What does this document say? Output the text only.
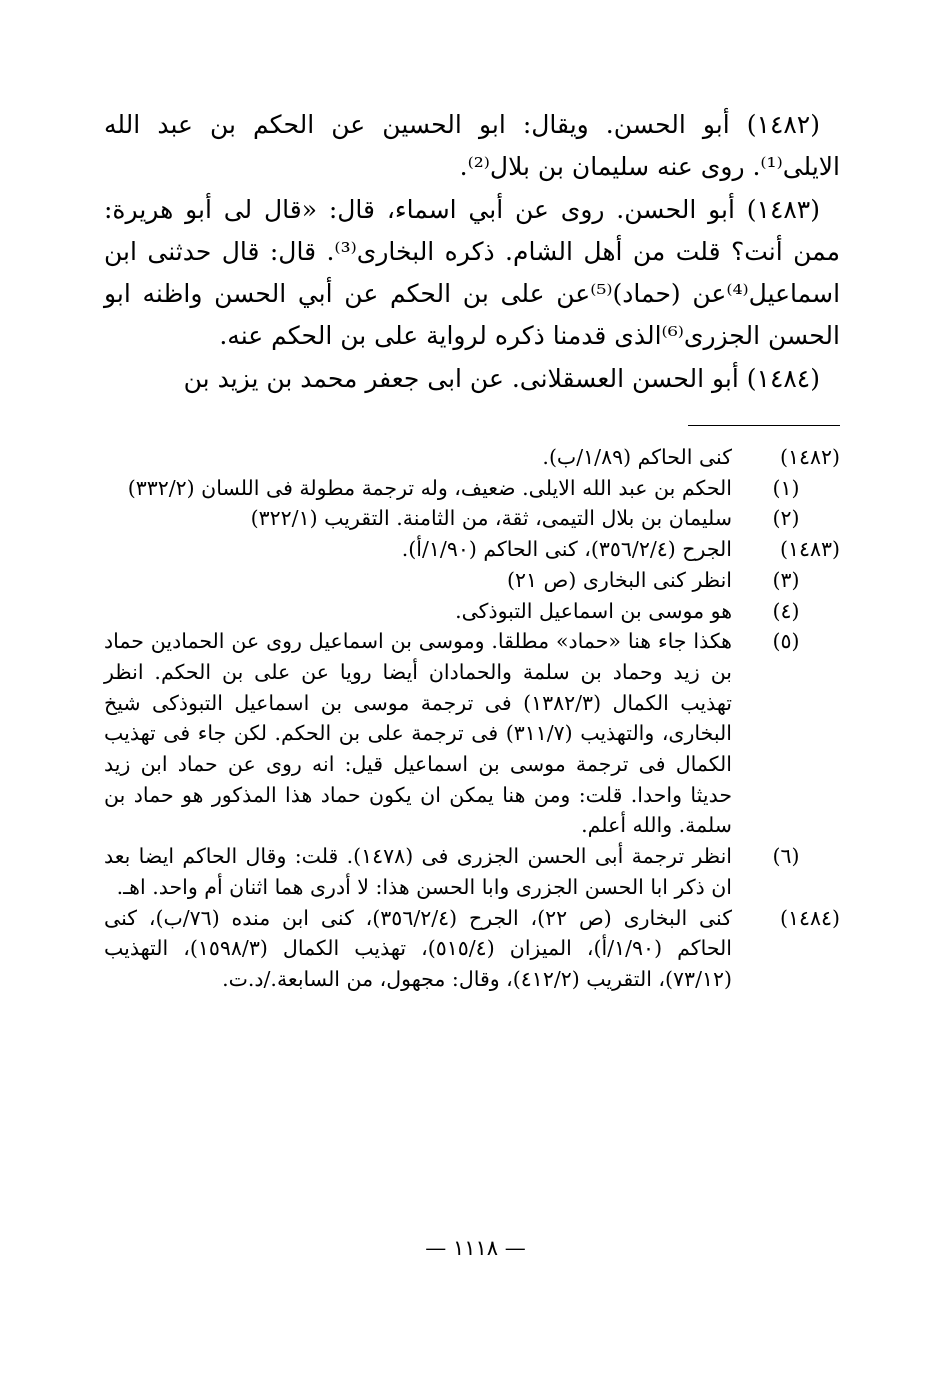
(١٤٨٢) أبو الحسن. ويقال: ابو الحسين عن الحكم بن عبد الله الايلى⁽¹⁾. روى عنه سليمان بن بلال⁽²⁾.

(١٤٨٣) أبو الحسن. روى عن أبي اسماء، قال: «قال لى أبو هريرة: ممن أنت؟ قلت من أهل الشام. ذكره البخارى⁽³⁾. قال: قال حدثنى ابن اسماعيل⁽⁴⁾عن (حماد)⁽⁵⁾عن على بن الحكم عن أبي الحسن واظنه ابو الحسن الجزرى⁽⁶⁾الذى قدمنا ذكره لرواية على بن الحكم عنه.

(١٤٨٤) أبو الحسن العسقلانى. عن ابى جعفر محمد بن يزيد بن

(١٤٨٢)
كنى الحاكم (١/٨٩/ب).
(١)
الحكم بن عبد الله الايلى. ضعيف، وله ترجمة مطولة فى اللسان (٣٣٢/٢)
(٢)
سليمان بن بلال التيمى، ثقة، من الثامنة. التقريب (٣٢٢/١)
(١٤٨٣)
الجرح (٣٥٦/٢/٤)، كنى الحاكم (١/٩٠/أ).
(٣)
انظر كنى البخارى (ص ٢١)
(٤)
هو موسى بن اسماعيل التبوذكى.
(٥)
هكذا جاء هنا «حماد» مطلقا. وموسى بن اسماعيل روى عن الحمادين حماد بن زيد وحماد بن سلمة والحمادان أيضا رويا عن على بن الحكم. انظر تهذيب الكمال (١٣٨٢/٣) فى ترجمة موسى بن اسماعيل التبوذكى شيخ البخارى، والتهذيب (٣١١/٧) فى ترجمة على بن الحكم. لكن جاء فى تهذيب الكمال فى ترجمة موسى بن اسماعيل قيل: انه روى عن حماد ابن زيد حديثا واحدا. قلت: ومن هنا يمكن ان يكون حماد هذا المذكور هو حماد بن سلمة. والله أعلم.
(٦)
انظر ترجمة أبى الحسن الجزرى فى (١٤٧٨). قلت: وقال الحاكم ايضا بعد ان ذكر ابا الحسن الجزرى وابا الحسن هذا: لا أدرى هما اثنان أم واحد. اهـ.
(١٤٨٤)
كنى البخارى (ص ٢٢)، الجرح (٣٥٦/٢/٤)، كنى ابن منده (٧٦/ب)، كنى الحاكم (١/٩٠/أ)، الميزان (٥١٥/٤)، تهذيب الكمال (١٥٩٨/٣)، التهذيب (٧٣/١٢)، التقريب (٤١٢/٢)، وقال: مجهول، من السابعة./د.ت.
— ١١١٨ —
